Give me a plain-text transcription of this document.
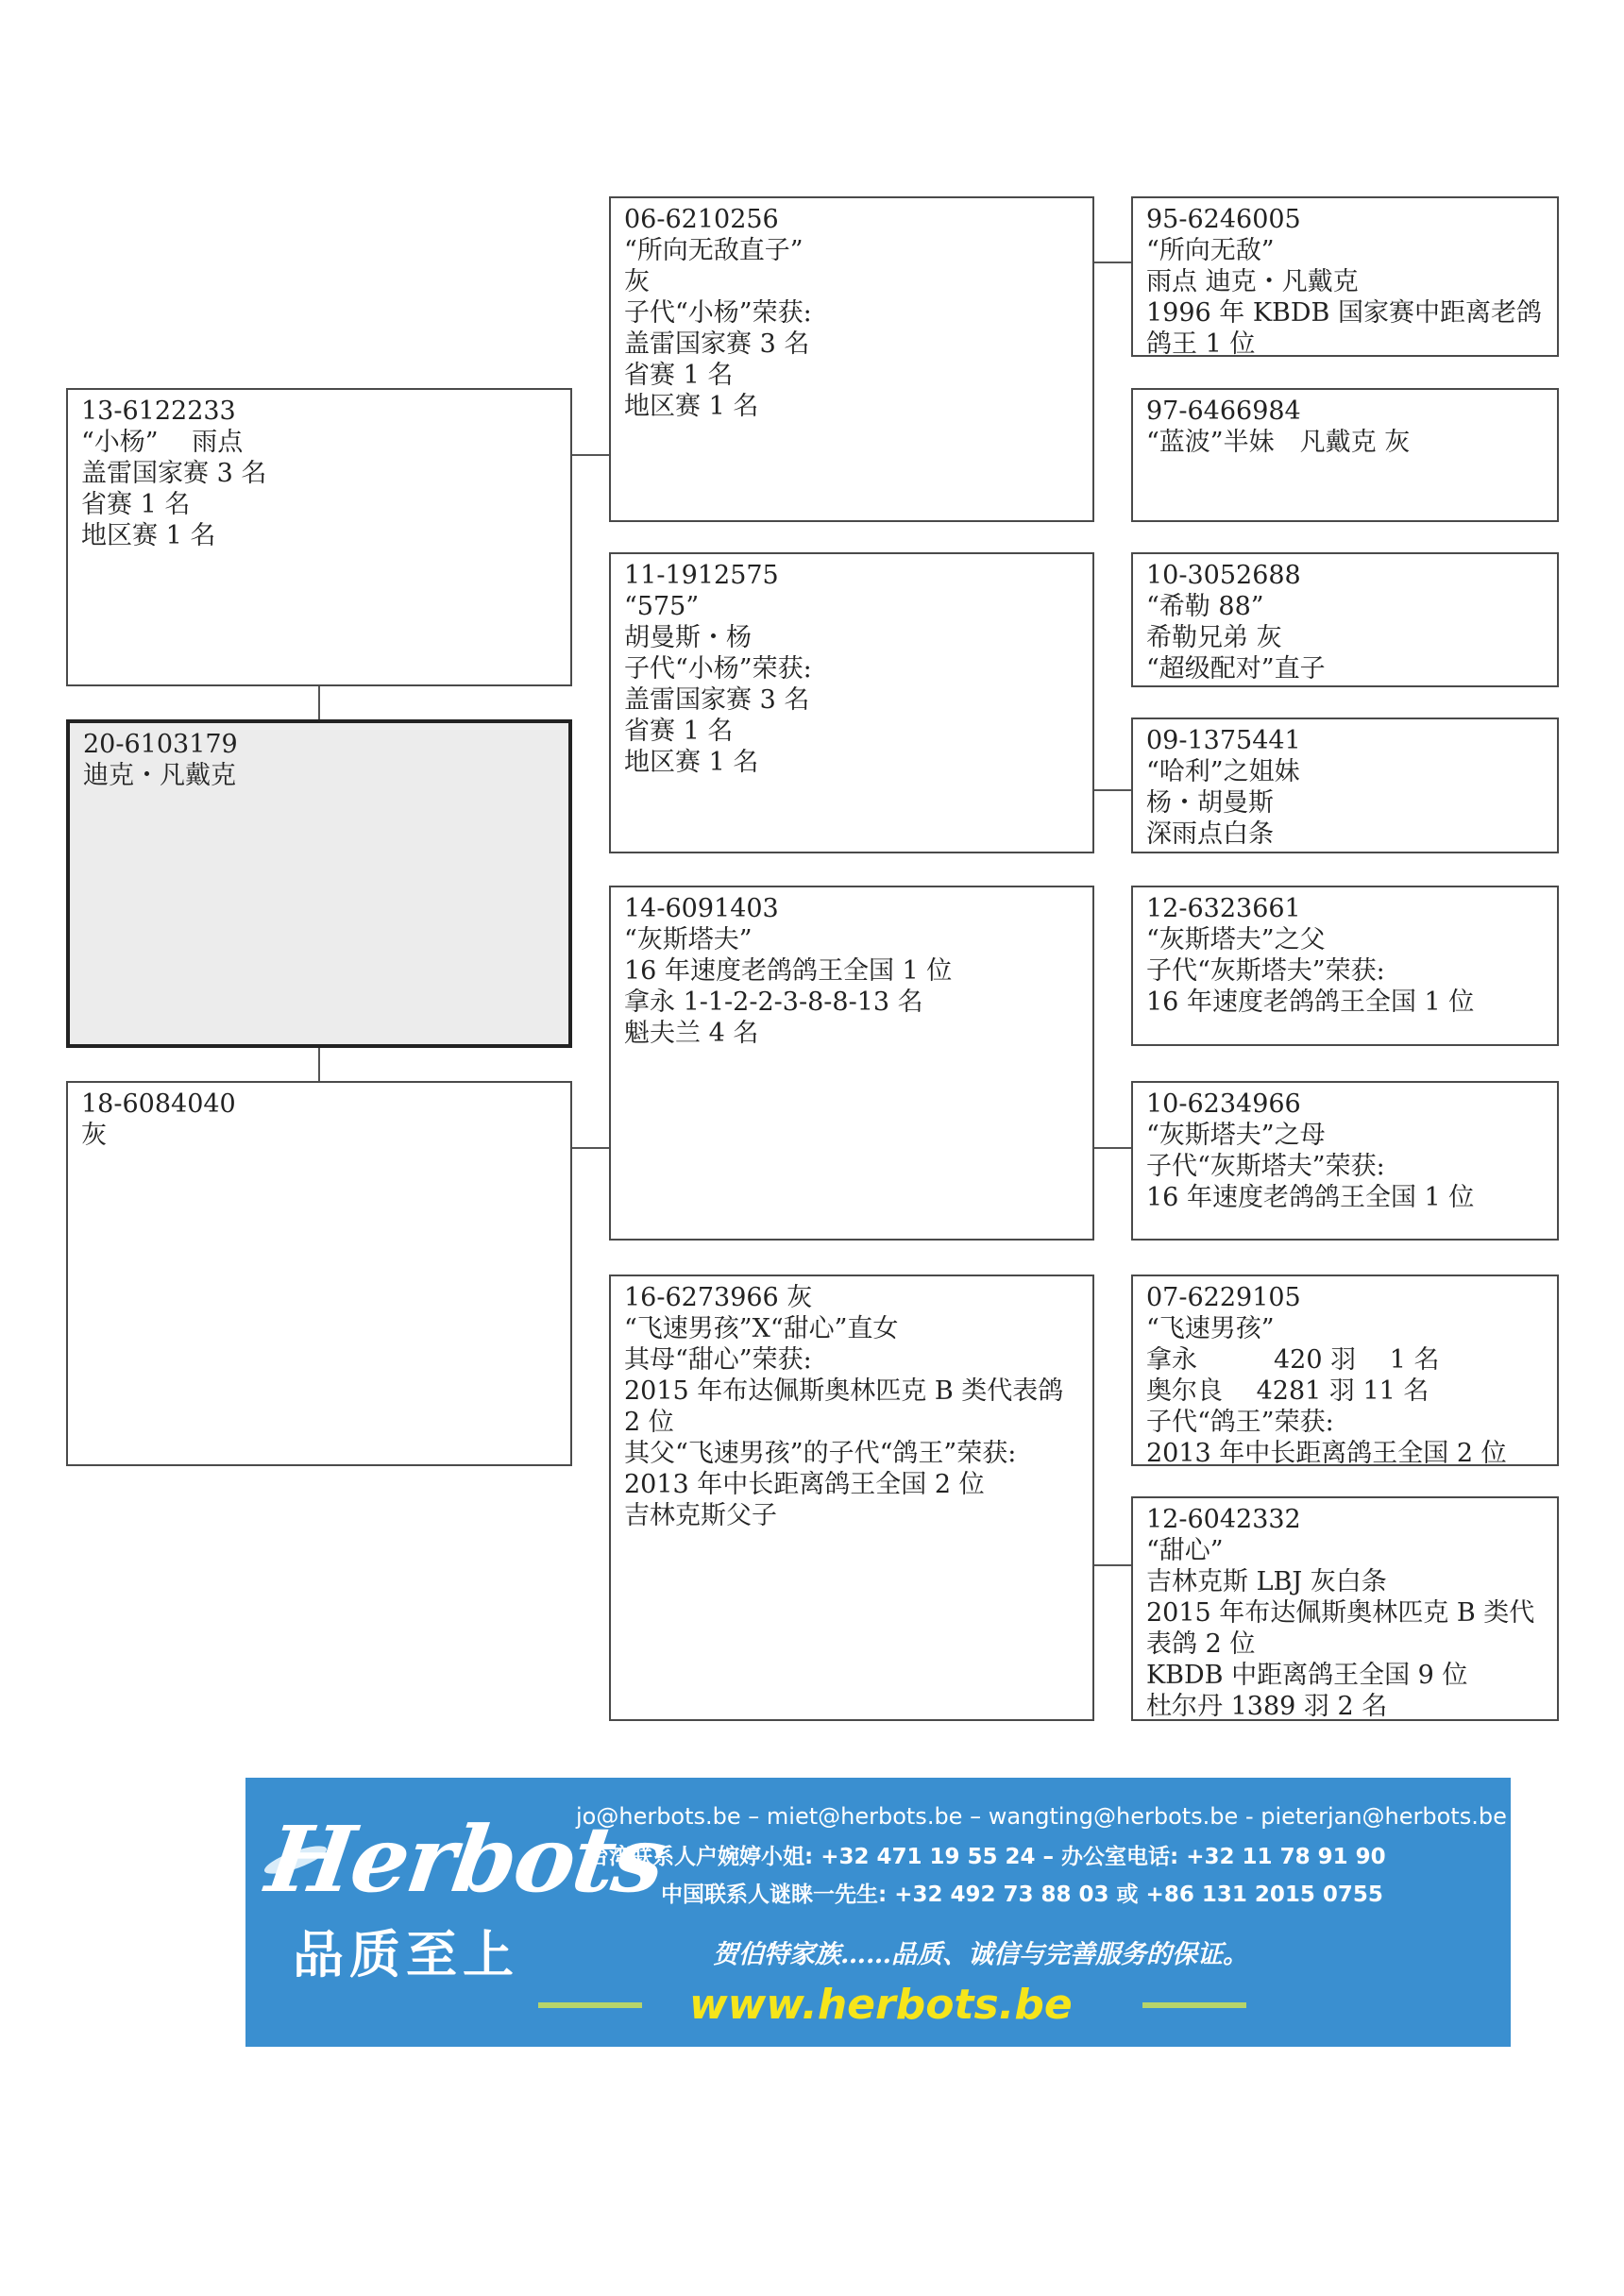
20-6103179
迪克・凡戴克
13-6122233
“小杨”　 雨点
盖雷国家赛 3 名
省赛 1 名
地区赛 1 名
18-6084040
灰
06-6210256
“所向无敌直子”
灰
子代“小杨”荣获:
盖雷国家赛 3 名
省赛 1 名
地区赛 1 名
11-1912575
“575”
胡曼斯・杨
子代“小杨”荣获:
盖雷国家赛 3 名
省赛 1 名
地区赛 1 名
14-6091403
“灰斯塔夫”
16 年速度老鸽鸽王全国 1 位
拿永 1-1-2-2-3-8-8-13 名
魁夫兰 4 名
16-6273966 灰
“飞速男孩”X“甜心”直女
其母“甜心”荣获:
2015 年布达佩斯奥林匹克 B 类代表鸽 2 位
其父“飞速男孩”的子代“鸽王”荣获:
2013 年中长距离鸽王全国 2 位
吉林克斯父子
95-6246005
“所向无敌”
雨点 迪克・凡戴克
1996 年 KBDB 国家赛中距离老鸽鸽王 1 位
97-6466984
“蓝波”半妹　凡戴克 灰
10-3052688
“希勒 88”
希勒兄弟 灰
“超级配对”直子
09-1375441
“哈利”之姐妹
杨・胡曼斯
深雨点白条
12-6323661
“灰斯塔夫”之父
子代“灰斯塔夫”荣获:
16 年速度老鸽鸽王全国 1 位
10-6234966
“灰斯塔夫”之母
子代“灰斯塔夫”荣获:
16 年速度老鸽鸽王全国 1 位
07-6229105
“飞速男孩”
拿永　　　420 羽　 1 名
奥尔良　 4281 羽 11 名
子代“鸽王”荣获:
2013 年中长距离鸽王全国 2 位
12-6042332
“甜心”
吉林克斯 LBJ 灰白条
2015 年布达佩斯奥林匹克 B 类代表鸽 2 位
KBDB 中距离鸽王全国 9 位
杜尔丹 1389 羽 2 名
Herbots
品质至上
jo@herbots.be – miet@herbots.be – wangting@herbots.be - pieterjan@herbots.be
台湾联系人户婉婷小姐: +32 471 19 55 24 – 办公室电话: +32 11 78 91 90
中国联系人谜睐一先生: +32 492 73 88 03 或 +86 131 2015 0755
贺伯特家族……品质、诚信与完善服务的保证。
www.herbots.be
